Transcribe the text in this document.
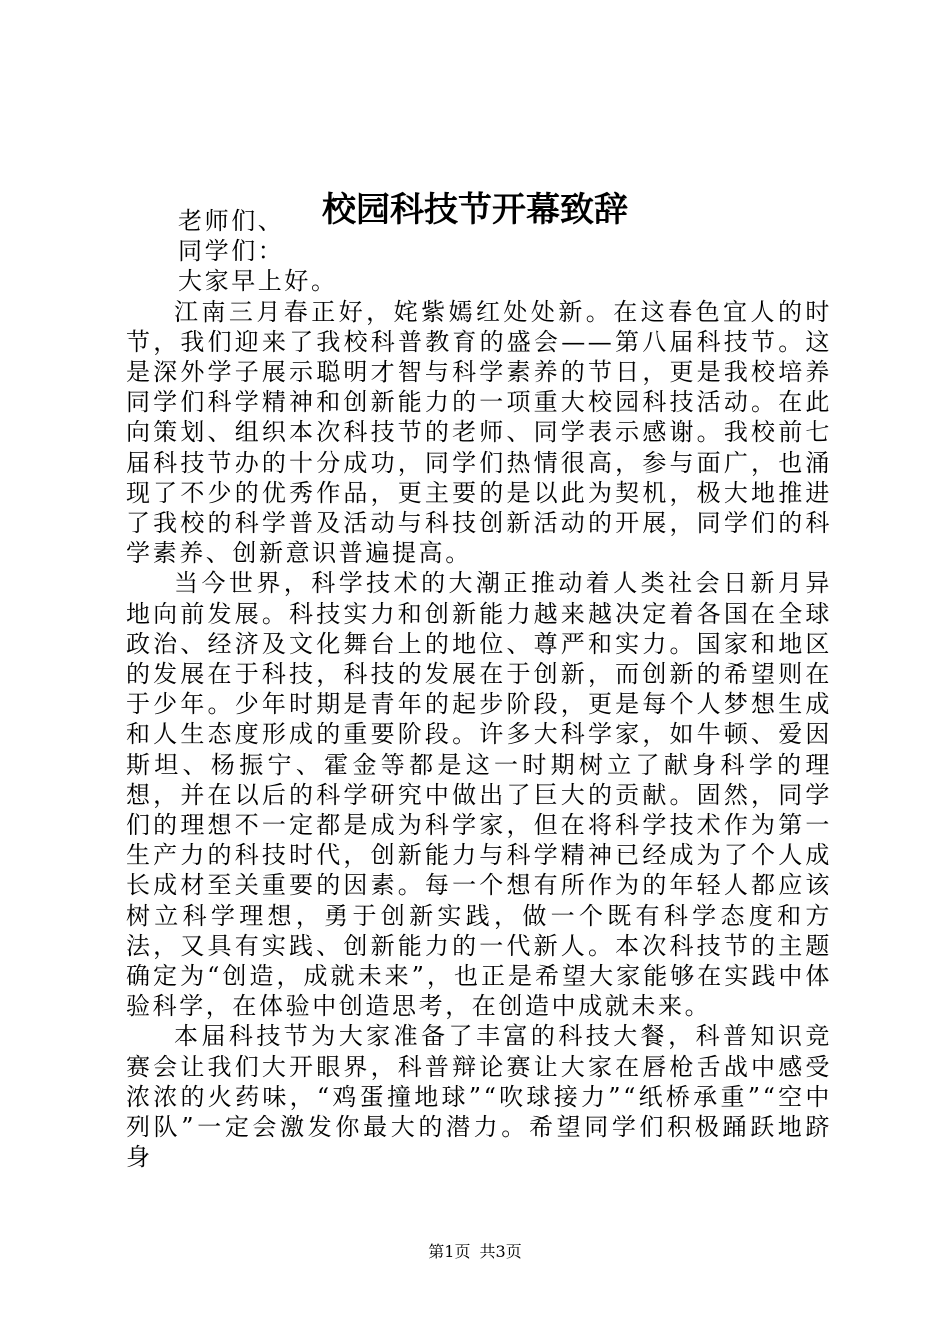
校园科技节开幕致辞

老师们、

同学们：

大家早上好。

江南三月春正好，姹紫嫣红处处新。在这春色宜人的时节，我们迎来了我校科普教育的盛会——第八届科技节。这是深外学子展示聪明才智与科学素养的节日，更是我校培养同学们科学精神和创新能力的一项重大校园科技活动。在此向策划、组织本次科技节的老师、同学表示感谢。我校前七届科技节办的十分成功，同学们热情很高，参与面广，也涌现了不少的优秀作品，更主要的是以此为契机，极大地推进了我校的科学普及活动与科技创新活动的开展，同学们的科学素养、创新意识普遍提高。

当今世界，科学技术的大潮正推动着人类社会日新月异地向前发展。科技实力和创新能力越来越决定着各国在全球政治、经济及文化舞台上的地位、尊严和实力。国家和地区的发展在于科技，科技的发展在于创新，而创新的希望则在于少年。少年时期是青年的起步阶段，更是每个人梦想生成和人生态度形成的重要阶段。许多大科学家，如牛顿、爱因斯坦、杨振宁、霍金等都是这一时期树立了献身科学的理想，并在以后的科学研究中做出了巨大的贡献。固然，同学们的理想不一定都是成为科学家，但在将科学技术作为第一生产力的科技时代，创新能力与科学精神已经成为了个人成长成材至关重要的因素。每一个想有所作为的年轻人都应该树立科学理想，勇于创新实践，做一个既有科学态度和方法，又具有实践、创新能力的一代新人。本次科技节的主题确定为“创造，成就未来”，也正是希望大家能够在实践中体验科学，在体验中创造思考，在创造中成就未来。

本届科技节为大家准备了丰富的科技大餐，科普知识竞赛会让我们大开眼界，科普辩论赛让大家在唇枪舌战中感受浓浓的火药味，“鸡蛋撞地球”“吹球接力”“纸桥承重”“空中列队”一定会激发你最大的潜力。希望同学们积极踊跃地跻身

第1页 共3页
